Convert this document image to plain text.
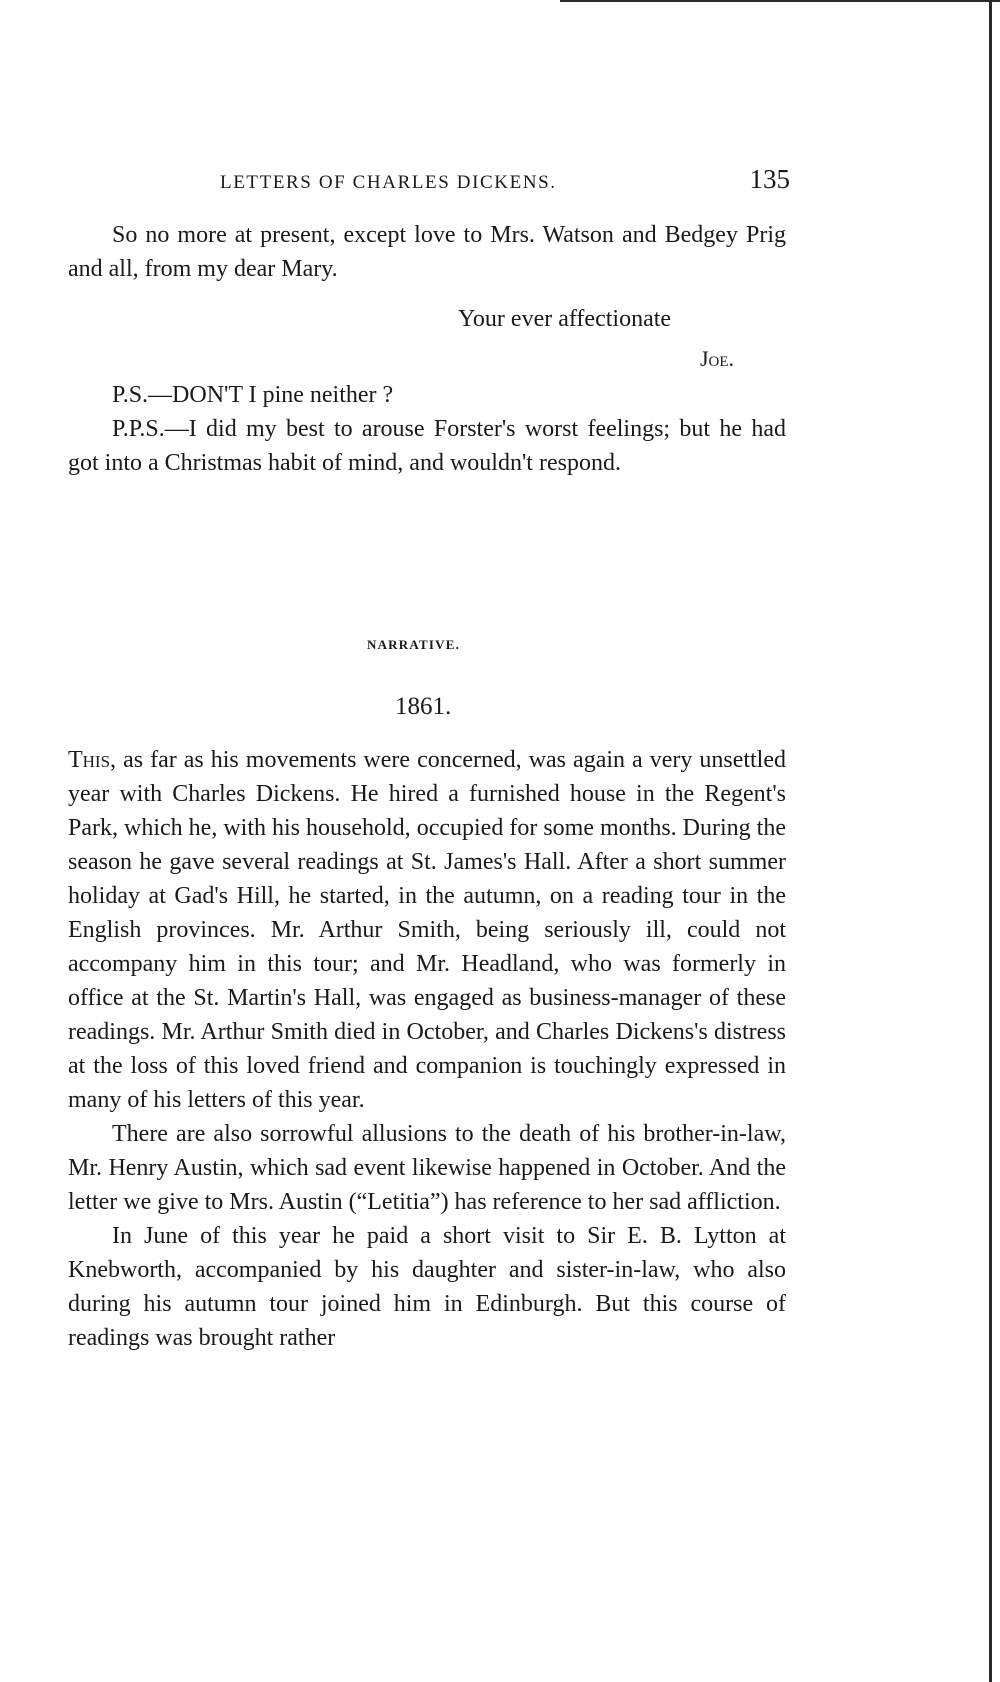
LETTERS OF CHARLES DICKENS.	135

So no more at present, except love to Mrs. Watson and Bedgey Prig and all, from my dear Mary.

Your ever affectionate
Joe.

P.S.—DON'T I pine neither ?

P.P.S.—I did my best to arouse Forster's worst feelings; but he had got into a Christmas habit of mind, and wouldn't respond.

NARRATIVE.
1861.

This, as far as his movements were concerned, was again a very unsettled year with Charles Dickens. He hired a furnished house in the Regent's Park, which he, with his household, occupied for some months. During the season he gave several readings at St. James's Hall. After a short summer holiday at Gad's Hill, he started, in the autumn, on a reading tour in the English provinces. Mr. Arthur Smith, being seriously ill, could not accompany him in this tour; and Mr. Headland, who was formerly in office at the St. Martin's Hall, was engaged as business-manager of these readings. Mr. Arthur Smith died in October, and Charles Dickens's distress at the loss of this loved friend and companion is touchingly expressed in many of his letters of this year.

There are also sorrowful allusions to the death of his brother-in-law, Mr. Henry Austin, which sad event likewise happened in October. And the letter we give to Mrs. Austin (“Letitia”) has reference to her sad affliction.

In June of this year he paid a short visit to Sir E. B. Lytton at Knebworth, accompanied by his daughter and sister-in-law, who also during his autumn tour joined him in Edinburgh. But this course of readings was brought rather
